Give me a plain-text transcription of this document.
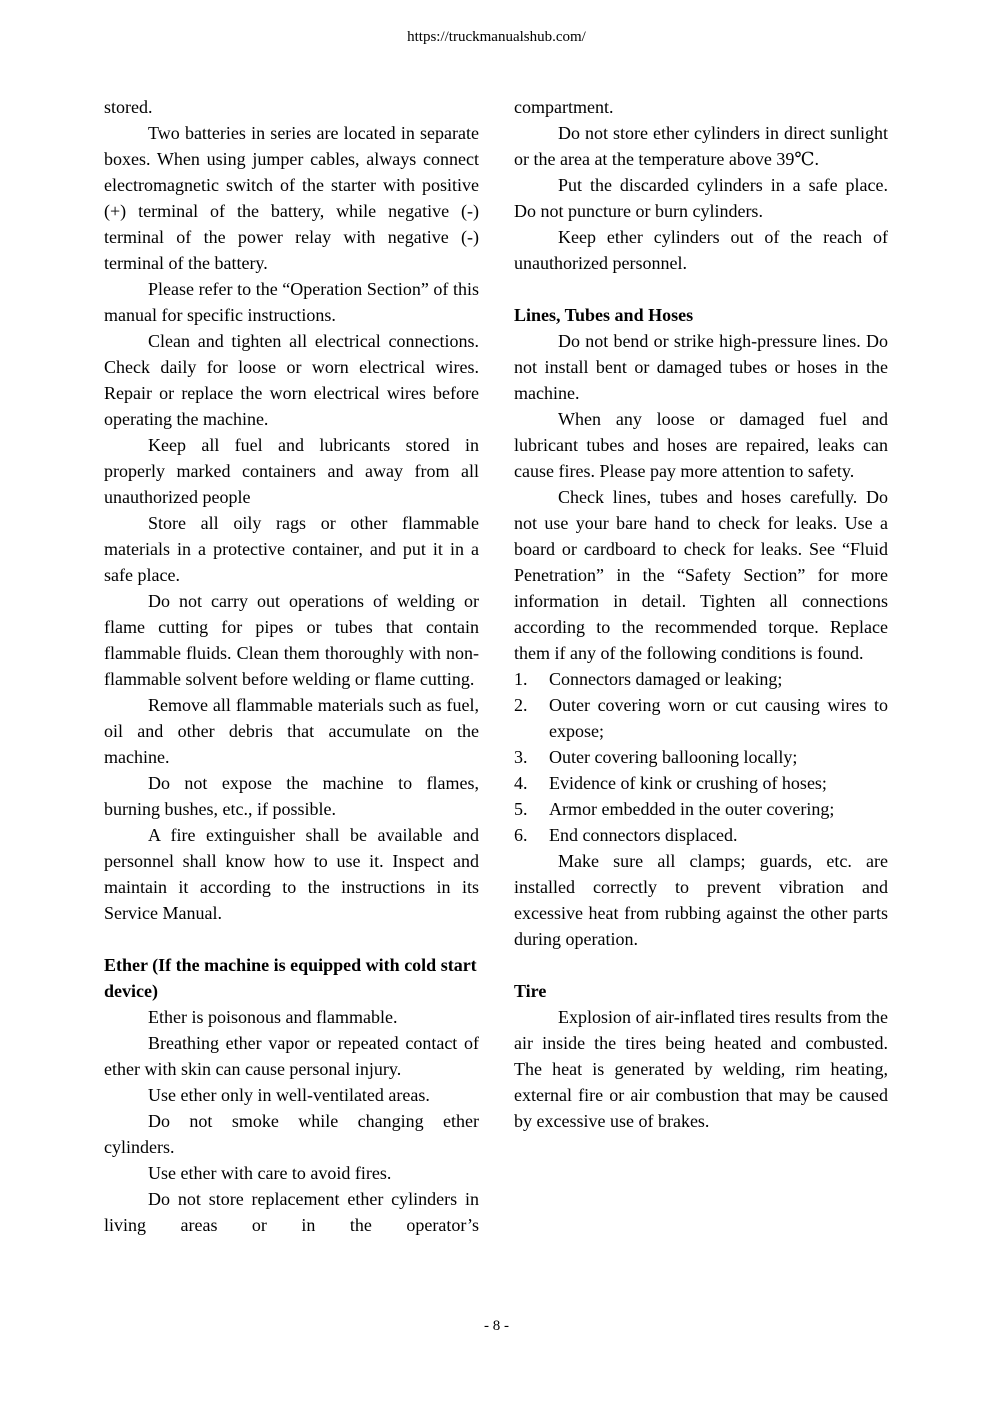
https://truckmanualshub.com/

stored.

Two batteries in series are located in separate boxes. When using jumper cables, always connect electromagnetic switch of the starter with positive (+) terminal of the battery, while negative (-) terminal of the power relay with negative (-) terminal of the battery.

Please refer to the “Operation Section” of this manual for specific instructions.

Clean and tighten all electrical connections. Check daily for loose or worn electrical wires. Repair or replace the worn electrical wires before operating the machine.

Keep all fuel and lubricants stored in properly marked containers and away from all unauthorized people

Store all oily rags or other flammable materials in a protective container, and put it in a safe place.

Do not carry out operations of welding or flame cutting for pipes or tubes that contain flammable fluids. Clean them thoroughly with non-flammable solvent before welding or flame cutting.

Remove all flammable materials such as fuel, oil and other debris that accumulate on the machine.

Do not expose the machine to flames, burning bushes, etc., if possible.

A fire extinguisher shall be available and personnel shall know how to use it. Inspect and maintain it according to the instructions in its Service Manual.

Ether (If the machine is equipped with cold start device)

Ether is poisonous and flammable.

Breathing ether vapor or repeated contact of ether with skin can cause personal injury.

Use ether only in well-ventilated areas.

Do not smoke while changing ether cylinders.

Use ether with care to avoid fires.

Do not store replacement ether cylinders in living areas or in the operator’s

compartment.

Do not store ether cylinders in direct sunlight or the area at the temperature above 39℃.

Put the discarded cylinders in a safe place. Do not puncture or burn cylinders.

Keep ether cylinders out of the reach of unauthorized personnel.

Lines, Tubes and Hoses

Do not bend or strike high-pressure lines. Do not install bent or damaged tubes or hoses in the machine.

When any loose or damaged fuel and lubricant tubes and hoses are repaired, leaks can cause fires. Please pay more attention to safety.

Check lines, tubes and hoses carefully. Do not use your bare hand to check for leaks. Use a board or cardboard to check for leaks. See “Fluid Penetration” in the “Safety Section” for more information in detail. Tighten all connections according to the recommended torque. Replace them if any of the following conditions is found.

1.	Connectors damaged or leaking;
2.	Outer covering worn or cut causing wires to expose;
3.	Outer covering ballooning locally;
4.	Evidence of kink or crushing of hoses;
5.	Armor embedded in the outer covering;
6.	End connectors displaced.

Make sure all clamps; guards, etc. are installed correctly to prevent vibration and excessive heat from rubbing against the other parts during operation.

Tire

Explosion of air-inflated tires results from the air inside the tires being heated and combusted. The heat is generated by welding, rim heating, external fire or air combustion that may be caused by excessive use of brakes.

- 8 -
